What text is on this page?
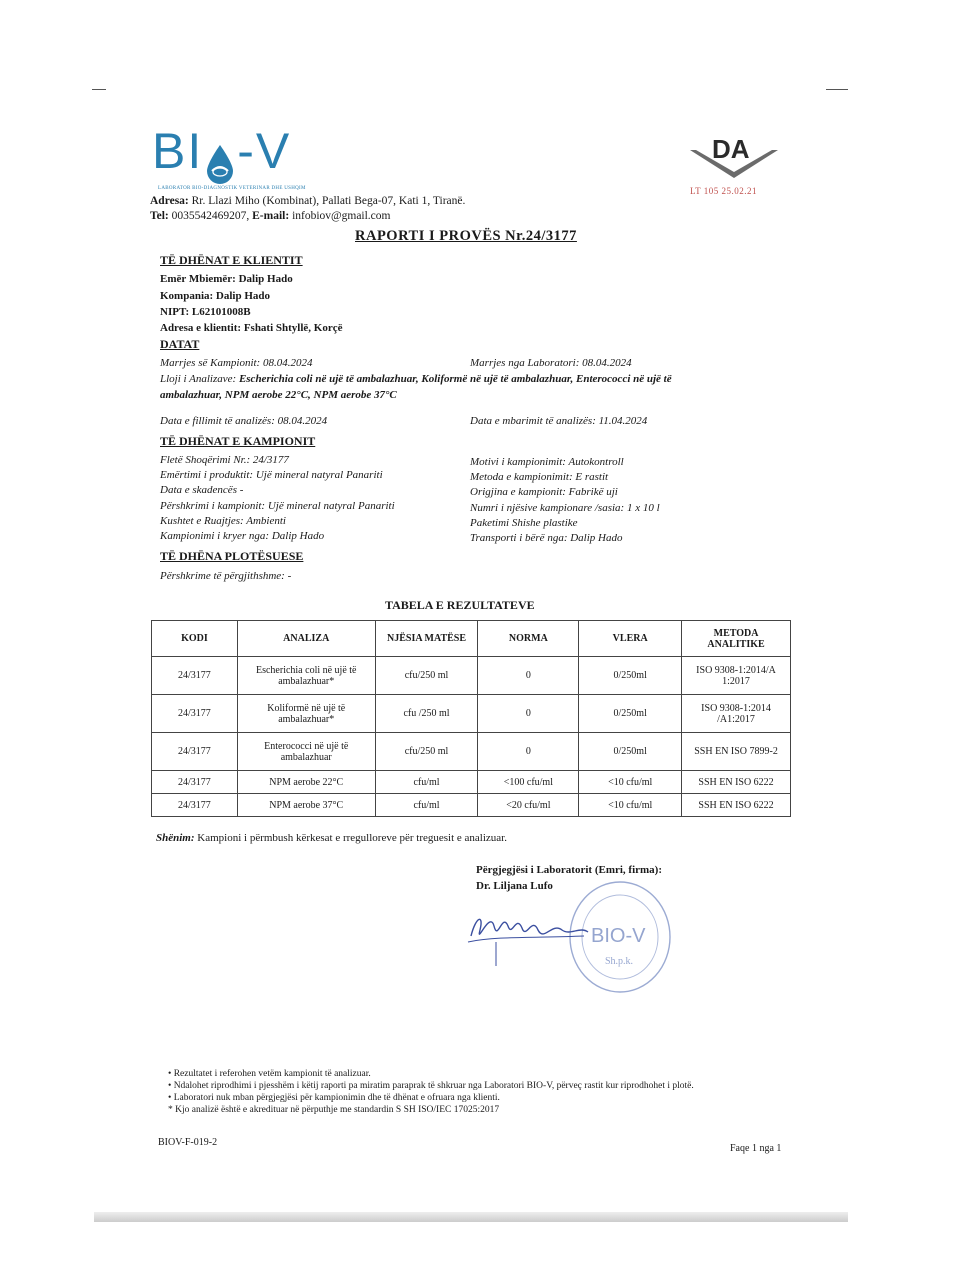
BI -V
LABORATOR BIO-DIAGNOSTIK VETERINAR DHE USHQIM
Adresa: Rr. Llazi Miho (Kombinat), Pallati Bega-07, Kati 1, Tiranë.
Tel: 0035542469207, E-mail: infobiov@gmail.com
DA
LT 105 25.02.21
RAPORTI I PROVËS Nr.24/3177
TË DHËNAT E KLIENTIT
Emër Mbiemër: Dalip Hado
Kompania: Dalip Hado
NIPT: L62101008B
Adresa e klientit: Fshati Shtyllë, Korçë
DATAT
Marrjes së Kampionit: 08.04.2024	Marrjes nga Laboratori: 08.04.2024
Lloji i Analizave: Escherichia coli në ujë të ambalazhuar, Koliformë në ujë të ambalazhuar, Enterococci në ujë të
ambalazhuar, NPM aerobe 22°C, NPM aerobe 37°C
Data e fillimit të analizës: 08.04.2024	Data e mbarimit të analizës: 11.04.2024
TË DHËNAT E KAMPIONIT
Fletë Shoqërimi Nr.: 24/3177
Emërtimi i produktit: Ujë mineral natyral Panariti
Data e skadencës -
Përshkrimi i kampionit: Ujë mineral natyral Panariti
Kushtet e Ruajtjes: Ambienti
Kampionimi i kryer nga: Dalip Hado
Motivi i kampionimit: Autokontroll
Metoda e kampionimit: E rastit
Origjina e kampionit: Fabrikë uji
Numri i njësive kampionare /sasia: 1 x 10 l
Paketimi Shishe plastike
Transporti i bërë nga: Dalip Hado
TË DHËNA PLOTËSUESE
Përshkrime të përgjithshme: -
TABELA E REZULTATEVE
KODI	ANALIZA	NJËSIA MATËSE	NORMA	VLERA	METODA ANALITIKE
24/3177	Escherichia coli në ujë të ambalazhuar*	cfu/250 ml	0	0/250ml	ISO 9308-1:2014/A 1:2017
24/3177	Koliformë në ujë të ambalazhuar*	cfu /250 ml	0	0/250ml	ISO 9308-1:2014 /A1:2017
24/3177	Enterococci në ujë të ambalazhuar	cfu/250 ml	0	0/250ml	SSH EN ISO 7899-2
24/3177	NPM aerobe 22°C	cfu/ml	<100 cfu/ml	<10 cfu/ml	SSH EN ISO 6222
24/3177	NPM aerobe 37°C	cfu/ml	<20 cfu/ml	<10 cfu/ml	SSH EN ISO 6222
Shënim: Kampioni i përmbush kërkesat e rregulloreve për treguesit e analizuar.
Përgjegjësi i Laboratorit (Emri, firma):
Dr. Liljana Lufo
BIO-V
Sh.p.k.
• Rezultatet i referohen vetëm kampionit të analizuar.
• Ndalohet riprodhimi i pjesshëm i këtij raporti pa miratim paraprak të shkruar nga Laboratori BIO-V, përveç rastit kur riprodhohet i plotë.
• Laboratori nuk mban përgjegjësi për kampionimin dhe të dhënat e ofruara nga klienti.
* Kjo analizë është e akredituar në përputhje me standardin S SH ISO/IEC 17025:2017
BIOV-F-019-2
Faqe 1 nga 1
